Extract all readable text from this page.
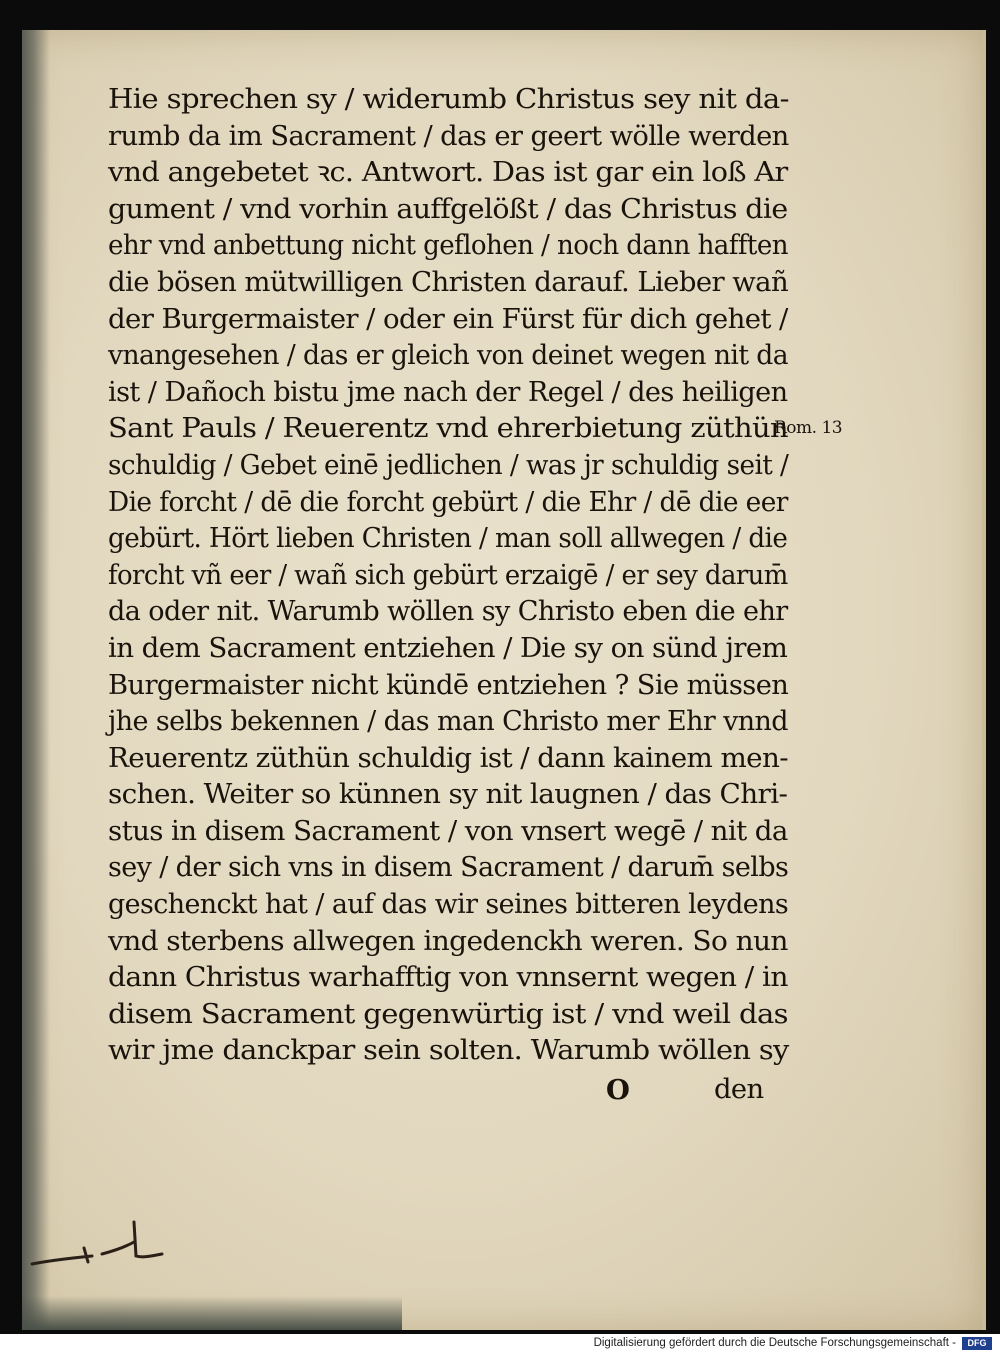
Hie sprechen sy / widerumb Christus sey nit da-
rumb da im Sacrament / das er geert wölle werden
vnd angebetet ꝛc. Antwort. Das ist gar ein loß Ar
gument / vnd vorhin auffgelößt / das Christus die
ehr vnd anbettung nicht geflohen / noch dann hafften
die bösen mütwilligen Christen darauf. Lieber wañ
der Burgermaister / oder ein Fürst für dich gehet /
vnangesehen / das er gleich von deinet wegen nit da
ist / Dañoch bistu jme nach der Regel / des heiligen
Sant Pauls / Reuerentz vnd ehrerbietung züthün
schuldig / Gebet einē jedlichen / was jr schuldig seit /
Die forcht / dē die forcht gebürt / die Ehr / dē die eer
gebürt. Hört lieben Christen / man soll allwegen / die
forcht vñ eer / wañ sich gebürt erzaigē / er sey darum̄
da oder nit. Warumb wöllen sy Christo eben die ehr
in dem Sacrament entziehen / Die sy on sünd jrem
Burgermaister nicht kündē entziehen ? Sie müssen
jhe selbs bekennen / das man Christo mer Ehr vnnd
Reuerentz züthün schuldig ist / dann kainem men-
schen. Weiter so künnen sy nit laugnen / das Chri-
stus in disem Sacrament / von vnsert wegē / nit da
sey / der sich vns in disem Sacrament / darum̄ selbs
geschenckt hat / auf das wir seines bitteren leydens
vnd sterbens allwegen ingedenckh weren. So nun
dann Christus warhafftig von vnnsernt wegen / in
disem Sacrament gegenwürtig ist / vnd weil das
wir jme danckpar sein solten. Warumb wöllen sy
O	den
Rom. 13
Digitalisierung gefördert durch die Deutsche Forschungsgemeinschaft -	DFG
